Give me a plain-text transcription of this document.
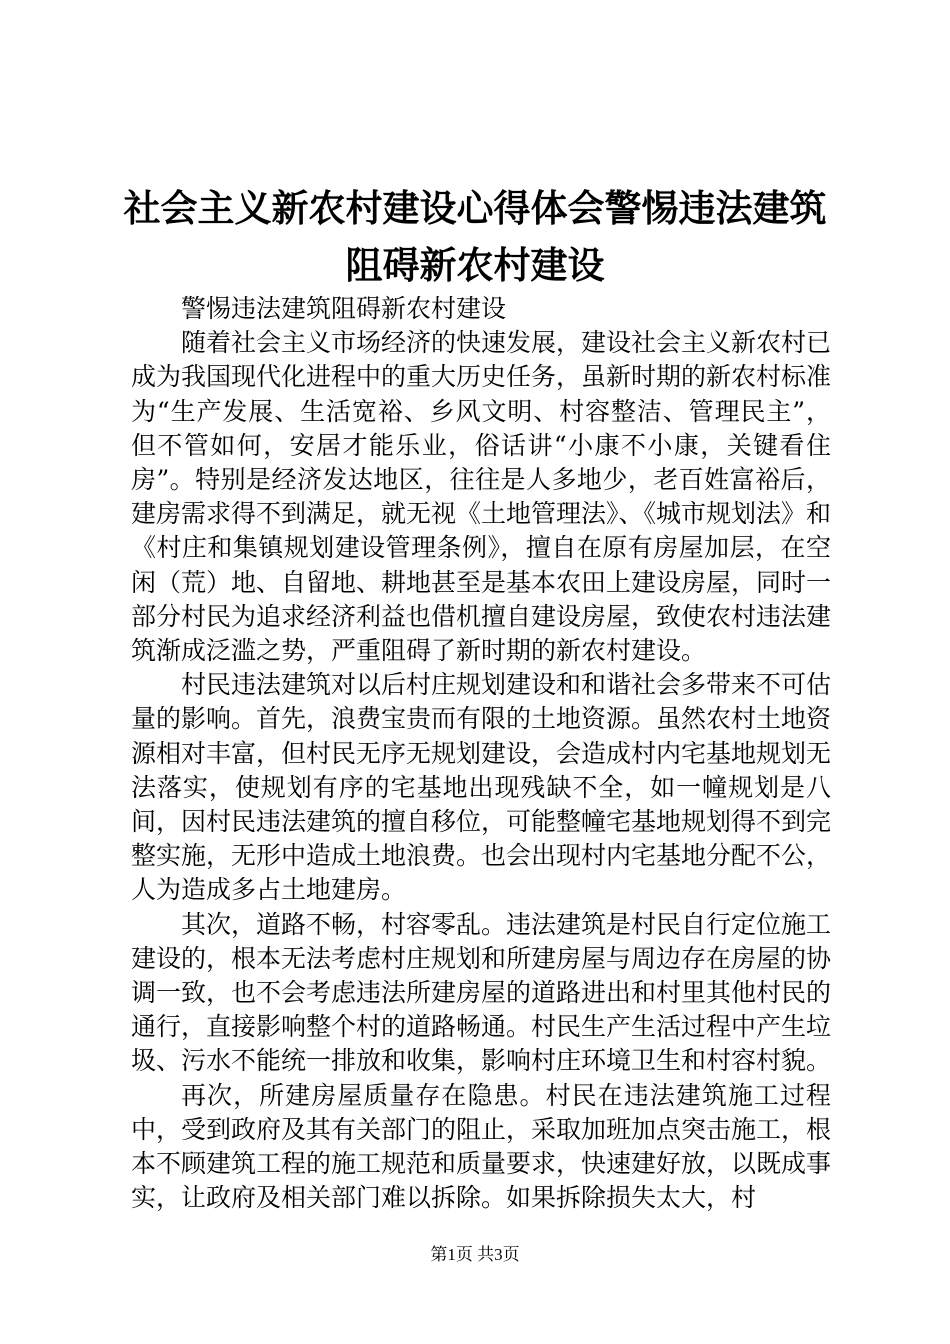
社会主义新农村建设心得体会警惕违法建筑阻碍新农村建设

警惕违法建筑阻碍新农村建设

随着社会主义市场经济的快速发展，建设社会主义新农村已成为我国现代化进程中的重大历史任务，虽新时期的新农村标准为“生产发展、生活宽裕、乡风文明、村容整洁、管理民主”，但不管如何，安居才能乐业，俗话讲“小康不小康，关键看住房”。特别是经济发达地区，往往是人多地少，老百姓富裕后，建房需求得不到满足，就无视《土地管理法》、《城市规划法》和《村庄和集镇规划建设管理条例》，擅自在原有房屋加层，在空闲（荒）地、自留地、耕地甚至是基本农田上建设房屋，同时一部分村民为追求经济利益也借机擅自建设房屋，致使农村违法建筑渐成泛滥之势，严重阻碍了新时期的新农村建设。

村民违法建筑对以后村庄规划建设和和谐社会多带来不可估量的影响。首先，浪费宝贵而有限的土地资源。虽然农村土地资源相对丰富，但村民无序无规划建设，会造成村内宅基地规划无法落实，使规划有序的宅基地出现残缺不全，如一幢规划是八间，因村民违法建筑的擅自移位，可能整幢宅基地规划得不到完整实施，无形中造成土地浪费。也会出现村内宅基地分配不公，人为造成多占土地建房。

其次，道路不畅，村容零乱。违法建筑是村民自行定位施工建设的，根本无法考虑村庄规划和所建房屋与周边存在房屋的协调一致，也不会考虑违法所建房屋的道路进出和村里其他村民的通行，直接影响整个村的道路畅通。村民生产生活过程中产生垃圾、污水不能统一排放和收集，影响村庄环境卫生和村容村貌。

再次，所建房屋质量存在隐患。村民在违法建筑施工过程中，受到政府及其有关部门的阻止，采取加班加点突击施工，根本不顾建筑工程的施工规范和质量要求，快速建好放，以既成事实，让政府及相关部门难以拆除。如果拆除损失太大，村

第1页 共3页
